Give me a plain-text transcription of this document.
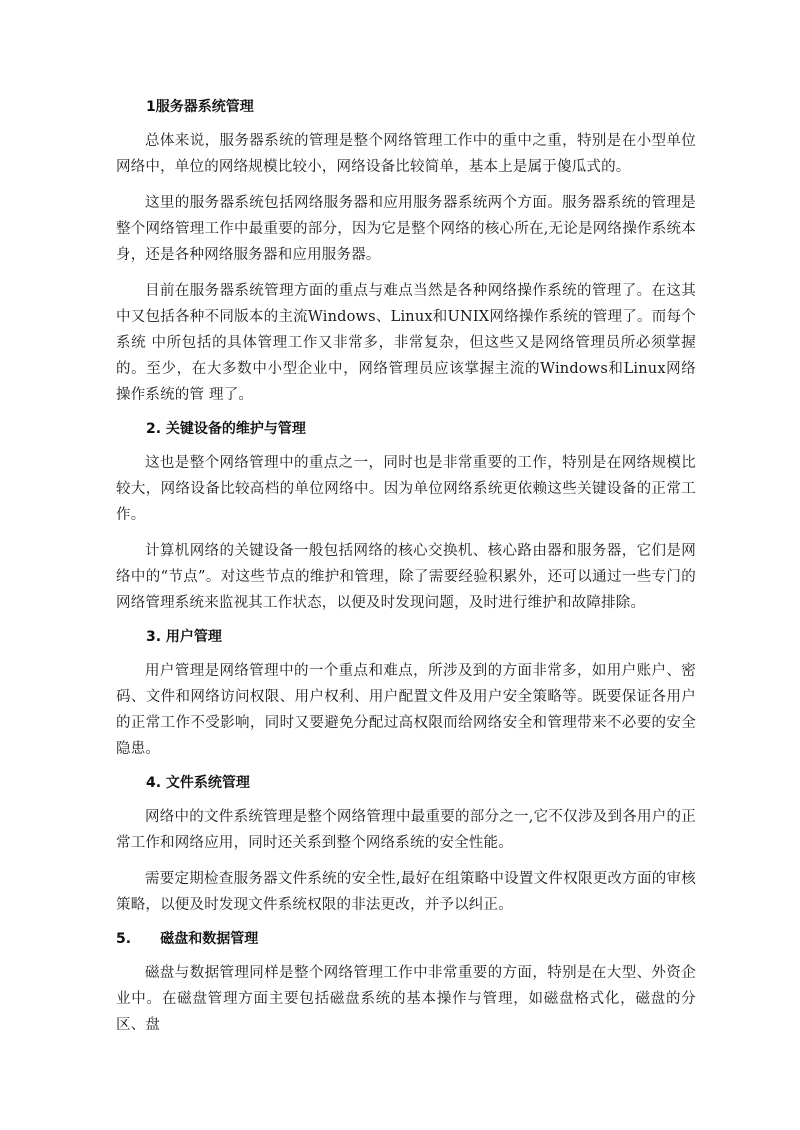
1服务器系统管理

总体来说，服务器系统的管理是整个网络管理工作中的重中之重，特别是在小型单位网络中，单位的网络规模比较小，网络设备比较简单，基本上是属于傻瓜式的。

这里的服务器系统包括网络服务器和应用服务器系统两个方面。服务器系统的管理是整个网络管理工作中最重要的部分，因为它是整个网络的核心所在,无论是网络操作系统本身，还是各种网络服务器和应用服务器。

目前在服务器系统管理方面的重点与难点当然是各种网络操作系统的管理了。在这其中又包括各种不同版本的主流Windows、Linux和UNIX网络操作系统的管理了。而每个系统 中所包括的具体管理工作又非常多，非常复杂，但这些又是网络管理员所必须掌握的。至少，在大多数中小型企业中，网络管理员应该掌握主流的Windows和Linux网络操作系统的管 理了。

2. 关键设备的维护与管理

这也是整个网络管理中的重点之一，同时也是非常重要的工作，特别是在网络规模比较大，网络设备比较高档的单位网络中。因为单位网络系统更依赖这些关键设备的正常工作。

计算机网络的关键设备一般包括网络的核心交换机、核心路由器和服务器，它们是网络中的“节点”。对这些节点的维护和管理，除了需要经验积累外，还可以通过一些专门的网络管理系统来监视其工作状态，以便及时发现问题，及时进行维护和故障排除。

3. 用户管理

用户管理是网络管理中的一个重点和难点，所涉及到的方面非常多，如用户账户、密码、文件和网络访问权限、用户权利、用户配置文件及用户安全策略等。既要保证各用户的正常工作不受影响，同时又要避免分配过高权限而给网络安全和管理带来不必要的安全隐患。

4. 文件系统管理

网络中的文件系统管理是整个网络管理中最重要的部分之一,它不仅涉及到各用户的正常工作和网络应用，同时还关系到整个网络系统的安全性能。

需要定期检查服务器文件系统的安全性,最好在组策略中设置文件权限更改方面的审核策略，以便及时发现文件系统权限的非法更改，并予以纠正。

5.      磁盘和数据管理

磁盘与数据管理同样是整个网络管理工作中非常重要的方面，特别是在大型、外资企业中。在磁盘管理方面主要包括磁盘系统的基本操作与管理，如磁盘格式化，磁盘的分区、盘
